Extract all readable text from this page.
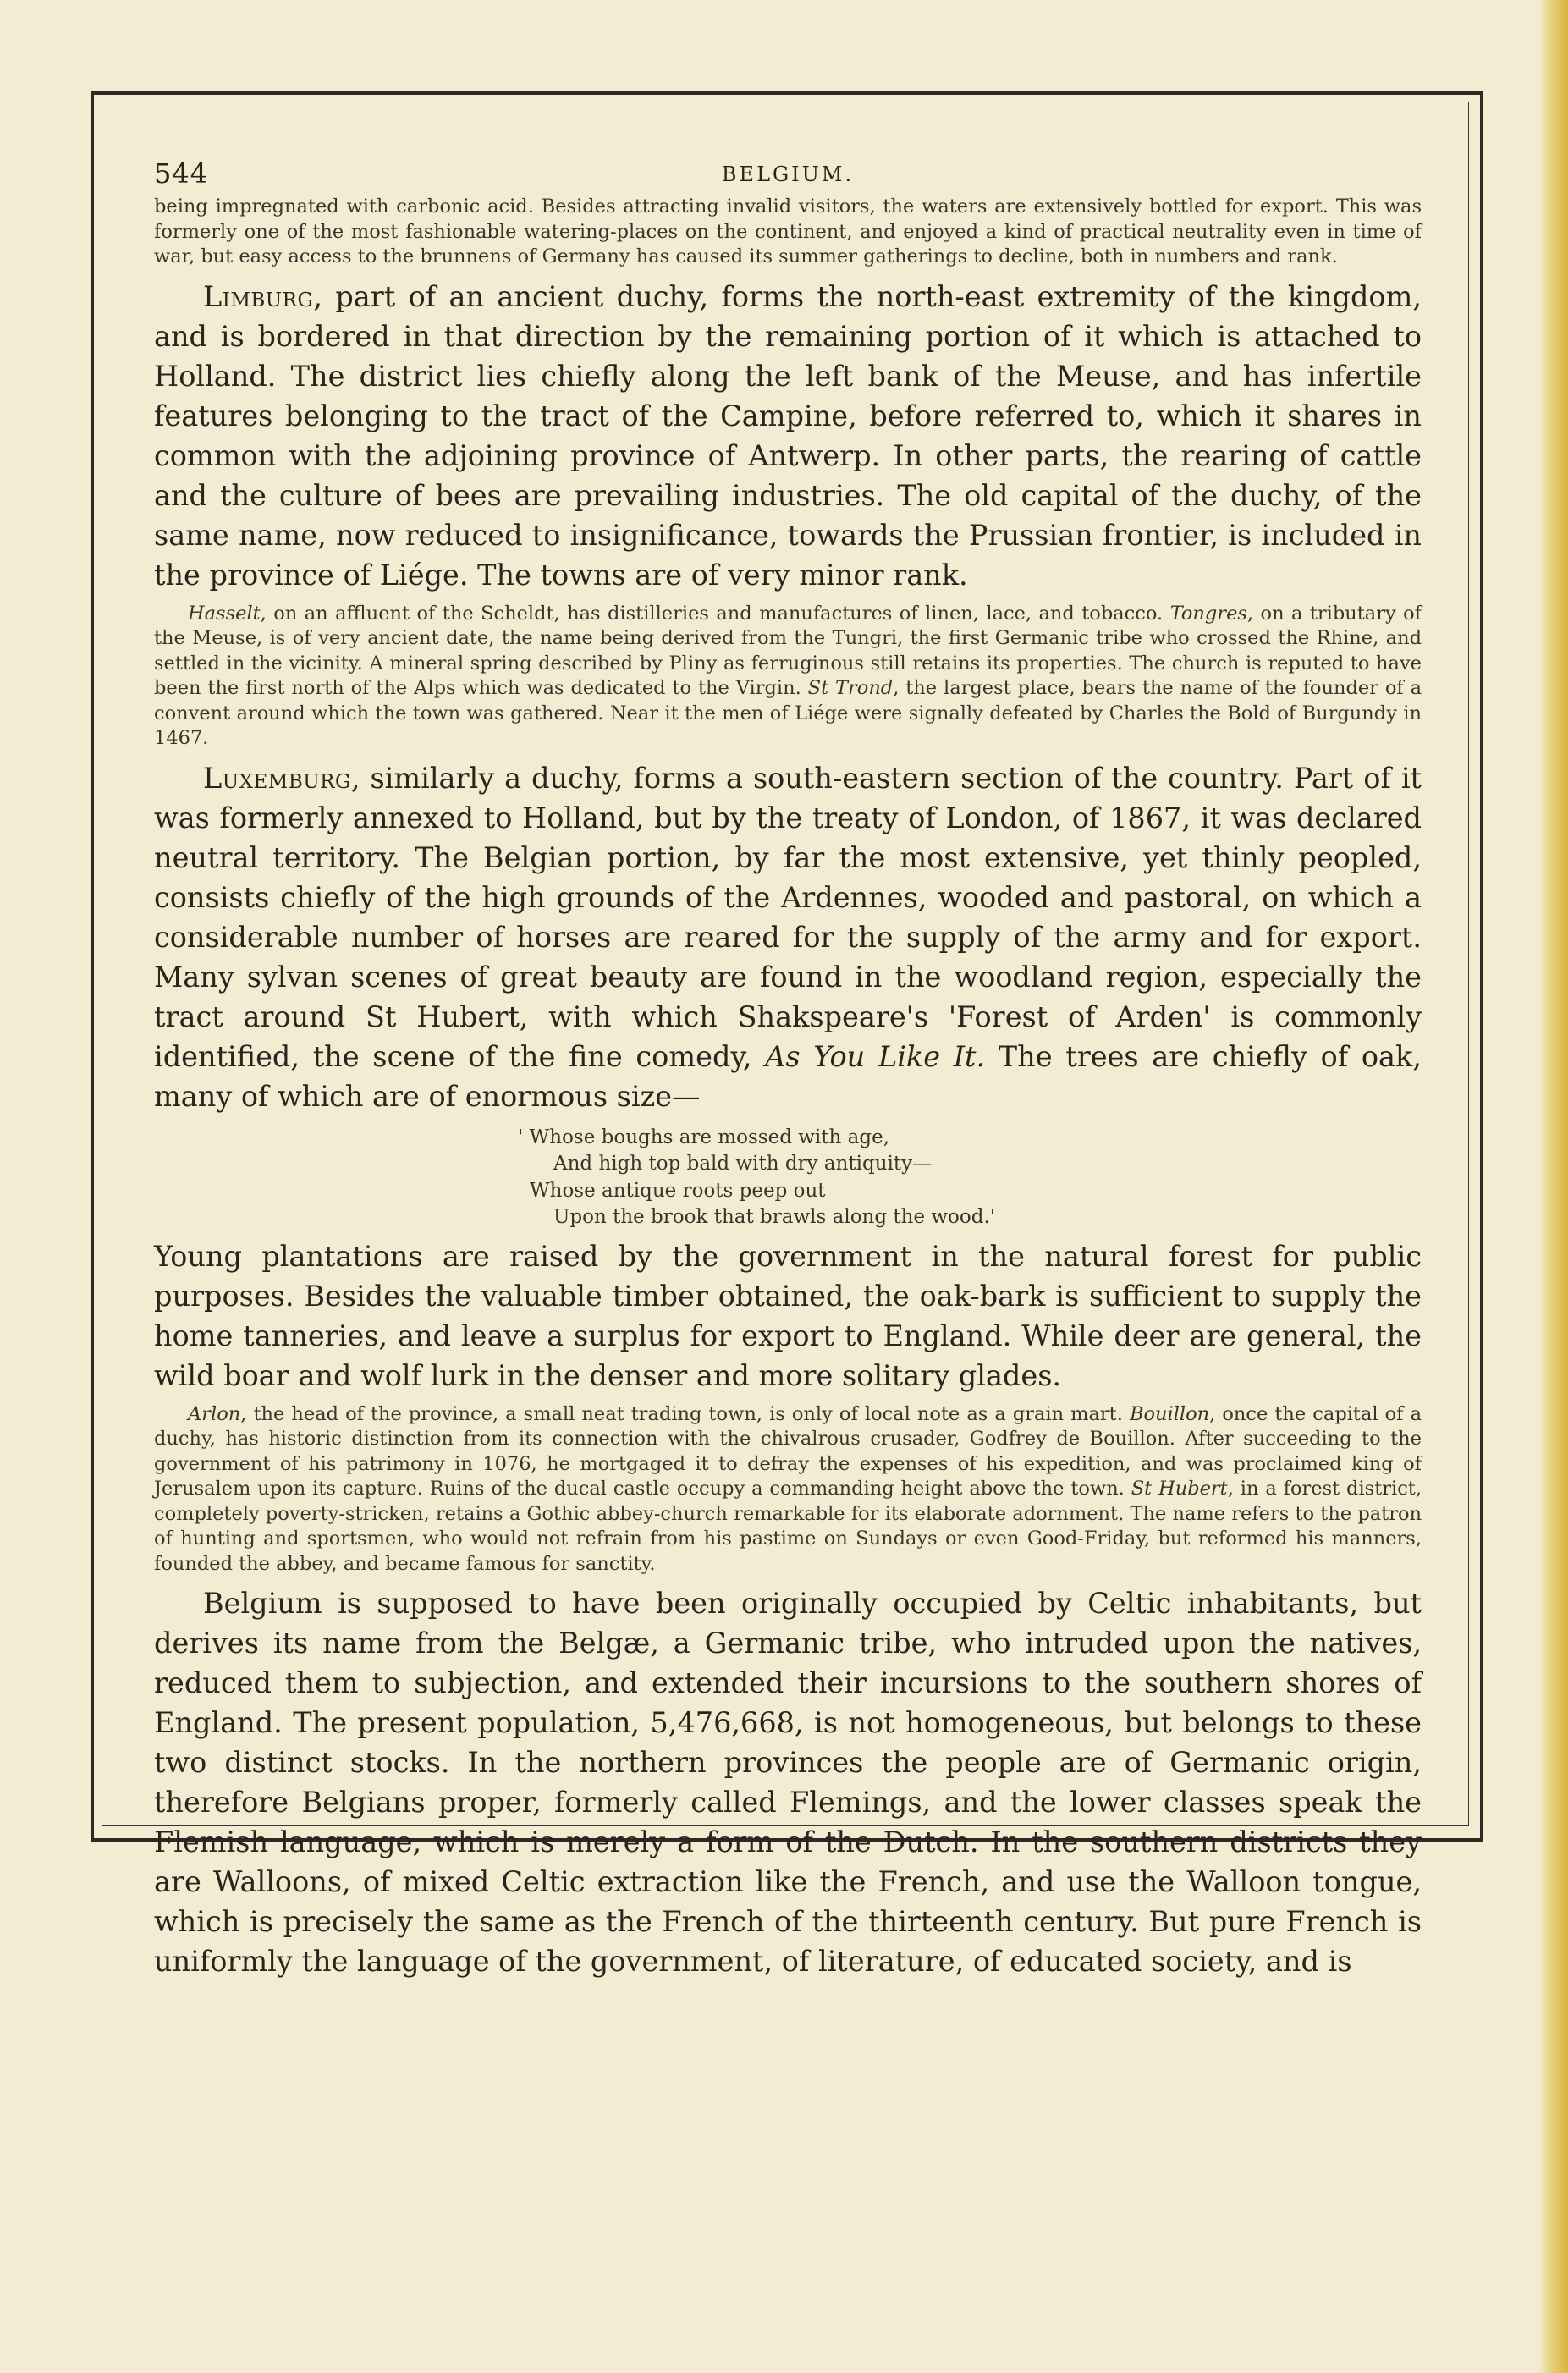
544	BELGIUM.

being impregnated with carbonic acid. Besides attracting invalid visitors, the waters are extensively bottled for export. This was formerly one of the most fashionable watering-places on the continent, and enjoyed a kind of practical neutrality even in time of war, but easy access to the brunnens of Germany has caused its summer gatherings to decline, both in numbers and rank.

Limburg, part of an ancient duchy, forms the north-east extremity of the kingdom, and is bordered in that direction by the remaining portion of it which is attached to Holland. The district lies chiefly along the left bank of the Meuse, and has infertile features belonging to the tract of the Campine, before referred to, which it shares in common with the adjoining province of Antwerp. In other parts, the rearing of cattle and the culture of bees are prevailing industries. The old capital of the duchy, of the same name, now reduced to insignificance, towards the Prussian frontier, is included in the province of Liége. The towns are of very minor rank.

Hasselt, on an affluent of the Scheldt, has distilleries and manufactures of linen, lace, and tobacco. Tongres, on a tributary of the Meuse, is of very ancient date, the name being derived from the Tungri, the first Germanic tribe who crossed the Rhine, and settled in the vicinity. A mineral spring described by Pliny as ferruginous still retains its properties. The church is reputed to have been the first north of the Alps which was dedicated to the Virgin. St Trond, the largest place, bears the name of the founder of a convent around which the town was gathered. Near it the men of Liége were signally defeated by Charles the Bold of Burgundy in 1467.

Luxemburg, similarly a duchy, forms a south-eastern section of the country. Part of it was formerly annexed to Holland, but by the treaty of London, of 1867, it was declared neutral territory. The Belgian portion, by far the most extensive, yet thinly peopled, consists chiefly of the high grounds of the Ardennes, wooded and pastoral, on which a considerable number of horses are reared for the supply of the army and for export. Many sylvan scenes of great beauty are found in the woodland region, especially the tract around St Hubert, with which Shakspeare's 'Forest of Arden' is commonly identified, the scene of the fine comedy, As You Like It. The trees are chiefly of oak, many of which are of enormous size—

' Whose boughs are mossed with age,
And high top bald with dry antiquity—
Whose antique roots peep out
Upon the brook that brawls along the wood.'

Young plantations are raised by the government in the natural forest for public purposes. Besides the valuable timber obtained, the oak-bark is sufficient to supply the home tanneries, and leave a surplus for export to England. While deer are general, the wild boar and wolf lurk in the denser and more solitary glades.

Arlon, the head of the province, a small neat trading town, is only of local note as a grain mart. Bouillon, once the capital of a duchy, has historic distinction from its connection with the chivalrous crusader, Godfrey de Bouillon. After succeeding to the government of his patrimony in 1076, he mortgaged it to defray the expenses of his expedition, and was proclaimed king of Jerusalem upon its capture. Ruins of the ducal castle occupy a commanding height above the town. St Hubert, in a forest district, completely poverty-stricken, retains a Gothic abbey-church remarkable for its elaborate adornment. The name refers to the patron of hunting and sportsmen, who would not refrain from his pastime on Sundays or even Good-Friday, but reformed his manners, founded the abbey, and became famous for sanctity.

Belgium is supposed to have been originally occupied by Celtic inhabitants, but derives its name from the Belgæ, a Germanic tribe, who intruded upon the natives, reduced them to subjection, and extended their incursions to the southern shores of England. The present population, 5,476,668, is not homogeneous, but belongs to these two distinct stocks. In the northern provinces the people are of Germanic origin, therefore Belgians proper, formerly called Flemings, and the lower classes speak the Flemish language, which is merely a form of the Dutch. In the southern districts they are Walloons, of mixed Celtic extraction like the French, and use the Walloon tongue, which is precisely the same as the French of the thirteenth century. But pure French is uniformly the language of the government, of literature, of educated society, and is
